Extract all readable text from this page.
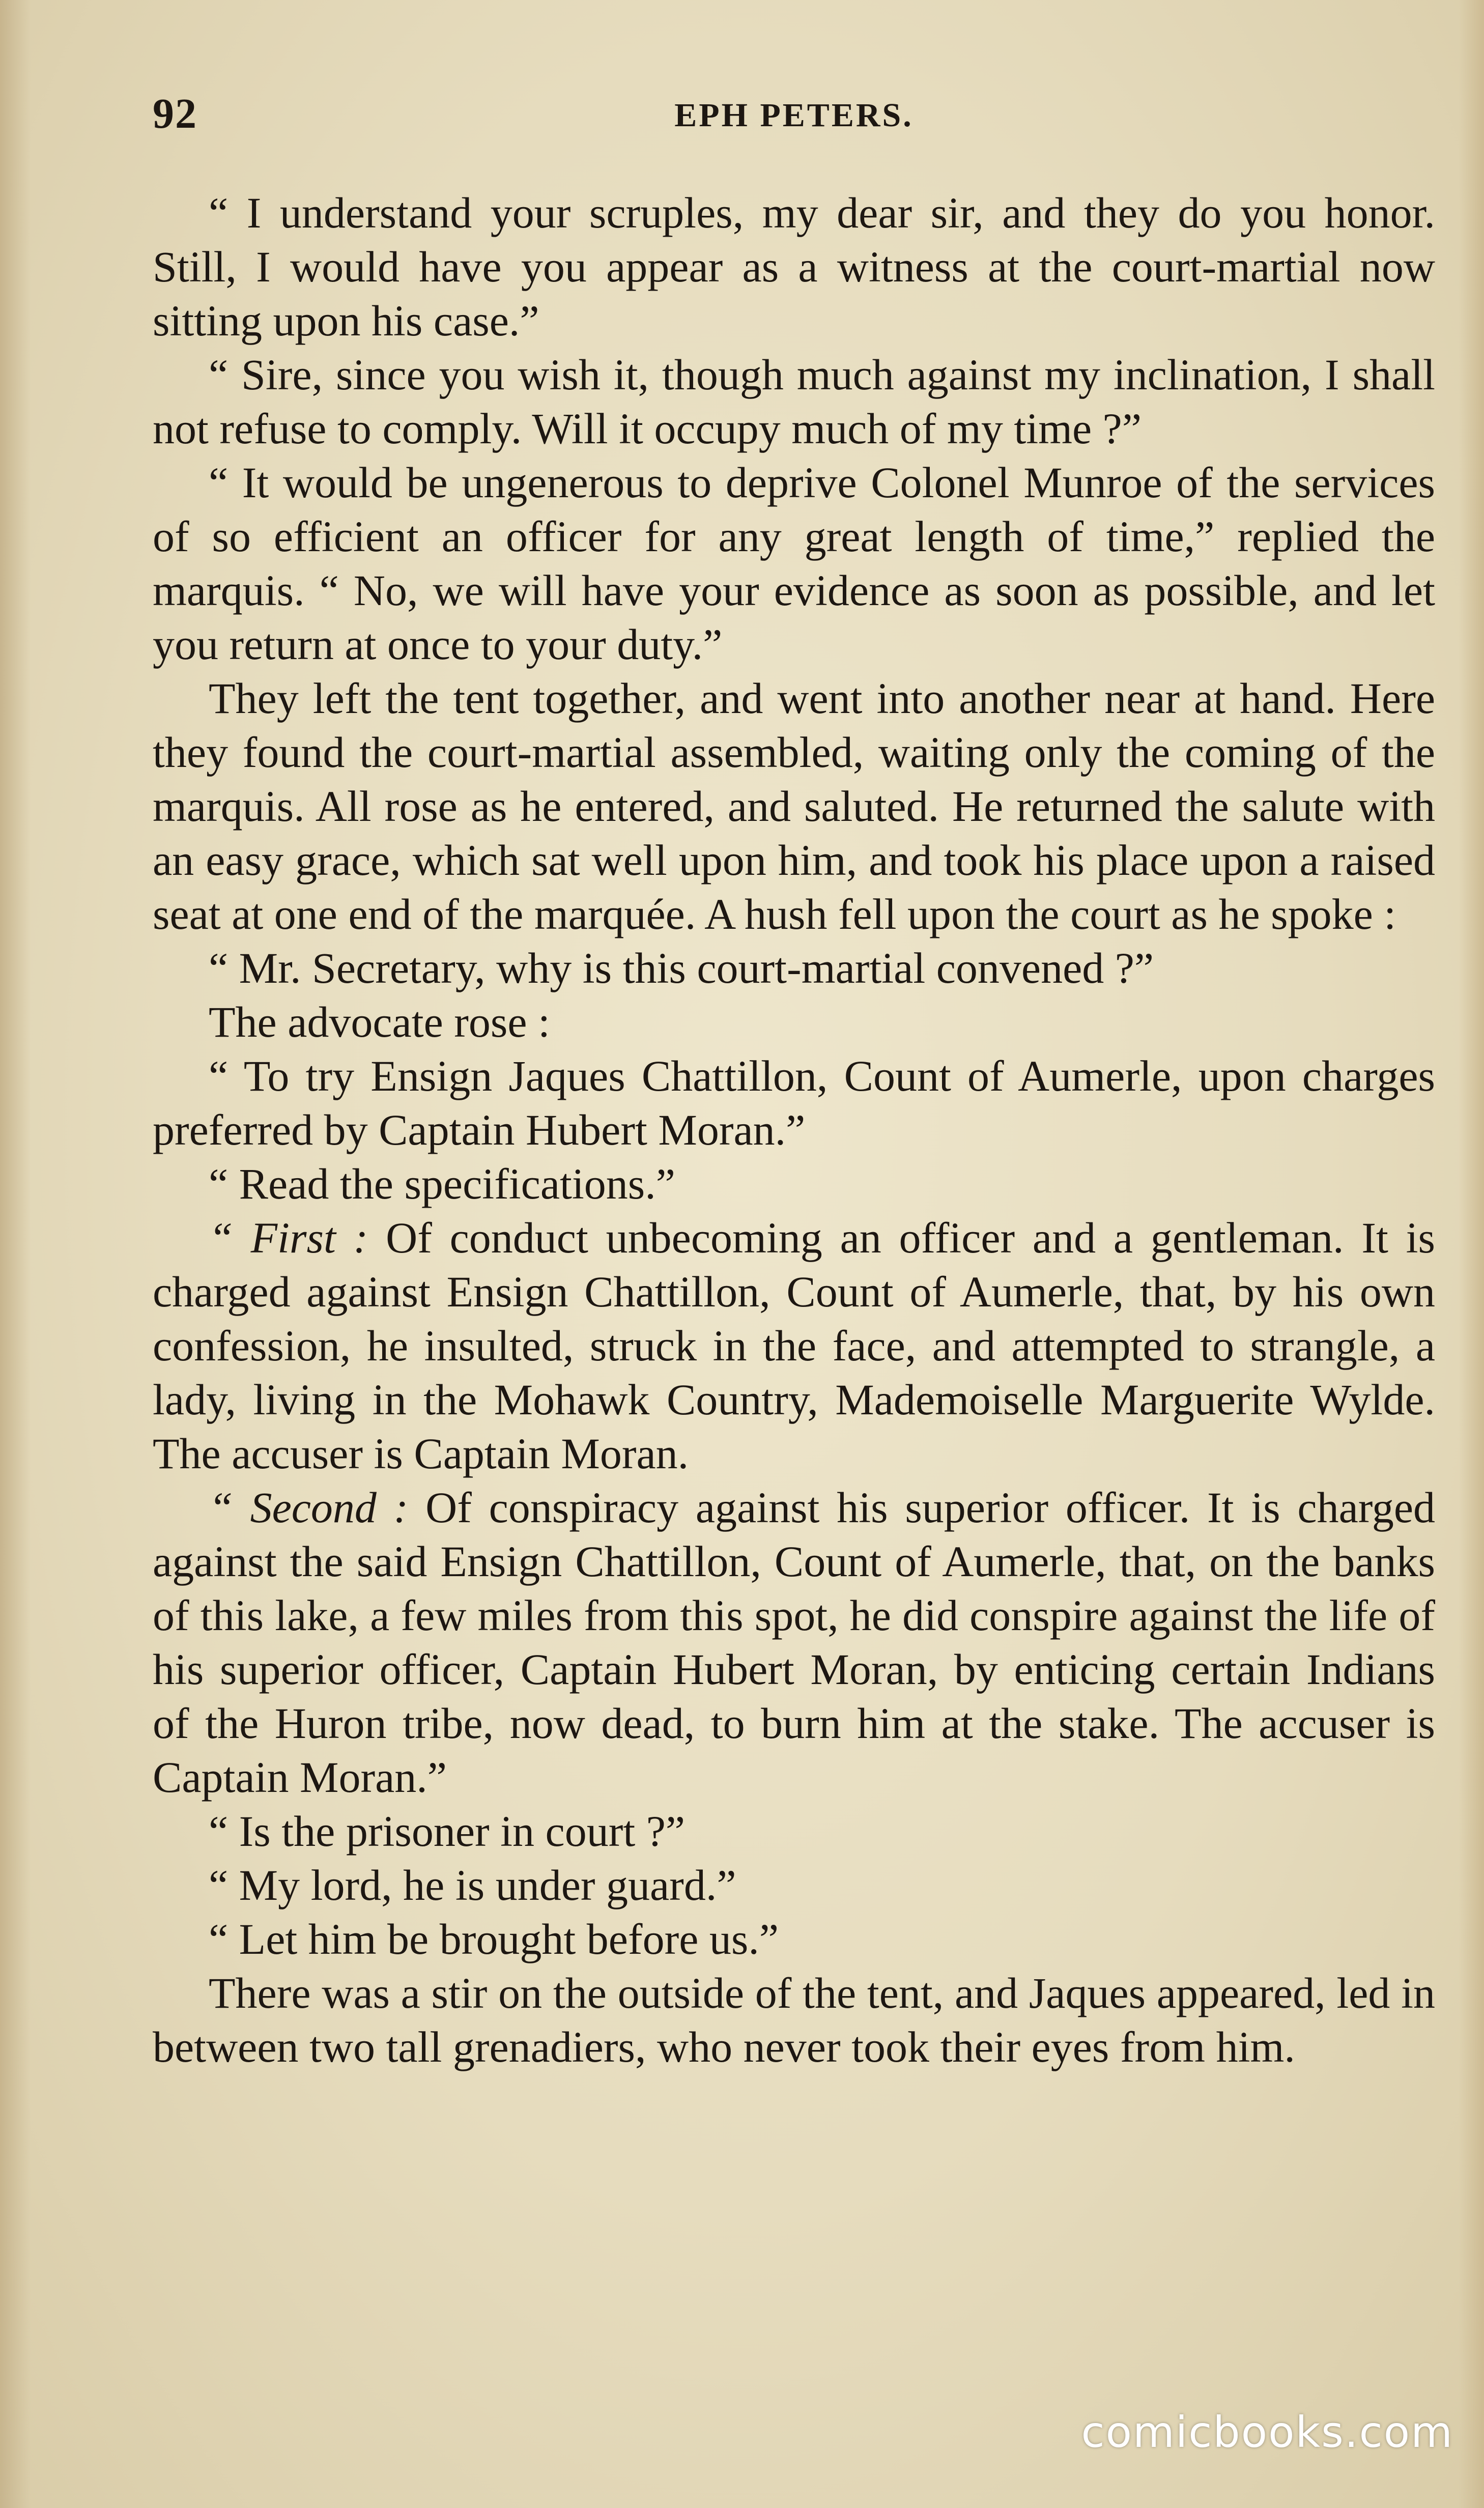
92	EPH PETERS.

“ I understand your scruples, my dear sir, and they do you honor. Still, I would have you appear as a witness at the court-martial now sitting upon his case.”

“ Sire, since you wish it, though much against my inclination, I shall not refuse to comply. Will it occupy much of my time ?”

“ It would be ungenerous to deprive Colonel Munroe of the services of so efficient an officer for any great length of time,” replied the marquis. “ No, we will have your evidence as soon as possible, and let you return at once to your duty.”

They left the tent together, and went into another near at hand. Here they found the court-martial assembled, waiting only the coming of the marquis. All rose as he entered, and saluted. He returned the salute with an easy grace, which sat well upon him, and took his place upon a raised seat at one end of the marquée. A hush fell upon the court as he spoke :

“ Mr. Secretary, why is this court-martial convened ?”

The advocate rose :

“ To try Ensign Jaques Chattillon, Count of Aumerle, upon charges preferred by Captain Hubert Moran.”

“ Read the specifications.”

“ First : Of conduct unbecoming an officer and a gentleman. It is charged against Ensign Chattillon, Count of Aumerle, that, by his own confession, he insulted, struck in the face, and attempted to strangle, a lady, living in the Mohawk Country, Mademoiselle Marguerite Wylde. The accuser is Captain Moran.

“ Second : Of conspiracy against his superior officer. It is charged against the said Ensign Chattillon, Count of Aumerle, that, on the banks of this lake, a few miles from this spot, he did conspire against the life of his superior officer, Captain Hubert Moran, by enticing certain Indians of the Huron tribe, now dead, to burn him at the stake. The accuser is Captain Moran.”

“ Is the prisoner in court ?”

“ My lord, he is under guard.”

“ Let him be brought before us.”

There was a stir on the outside of the tent, and Jaques appeared, led in between two tall grenadiers, who never took their eyes from him.

comicbooks.com
